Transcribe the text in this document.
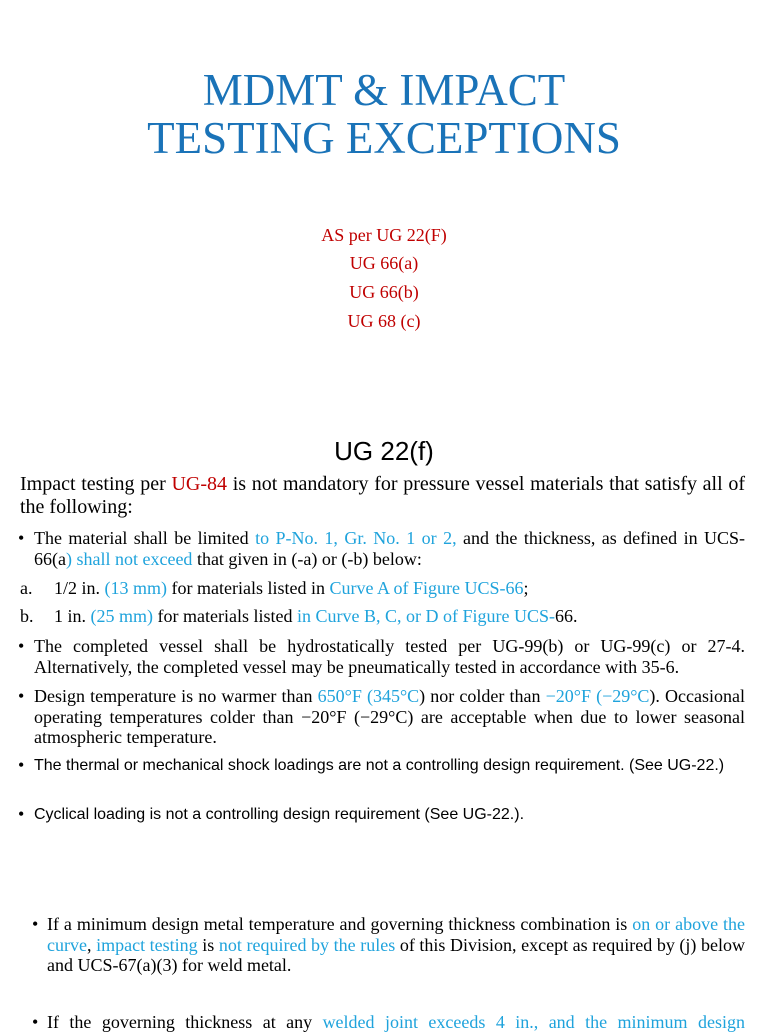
MDMT & IMPACT
TESTING EXCEPTIONS
AS per UG 22(F)
UG 66(a)
UG 66(b)
UG 68 (c)
UG 22(f)
Impact testing per UG-84 is not mandatory for pressure vessel materials that satisfy all of the following:
• The material shall be limited to P-No. 1, Gr. No. 1 or 2, and the thickness, as defined in UCS-66(a) shall not exceed that given in (-a) or (-b) below:
a. 1/2 in. (13 mm) for materials listed in Curve A of Figure UCS-66;
b. 1 in. (25 mm) for materials listed in Curve B, C, or D of Figure UCS-66.
• The completed vessel shall be hydrostatically tested per UG-99(b) or UG-99(c) or 27-4. Alternatively, the completed vessel may be pneumatically tested in accordance with 35-6.
• Design temperature is no warmer than 650°F (345°C) nor colder than −20°F (−29°C). Occasional operating temperatures colder than −20°F (−29°C) are acceptable when due to lower seasonal atmospheric temperature.
• The thermal or mechanical shock loadings are not a controlling design requirement. (See UG-22.)
• Cyclical loading is not a controlling design requirement (See UG-22.).
• If a minimum design metal temperature and governing thickness combination is on or above the curve, impact testing is not required by the rules of this Division, except as required by (j) below and UCS-67(a)(3) for weld metal.
• If the governing thickness at any welded joint exceeds 4 in., and the minimum design
